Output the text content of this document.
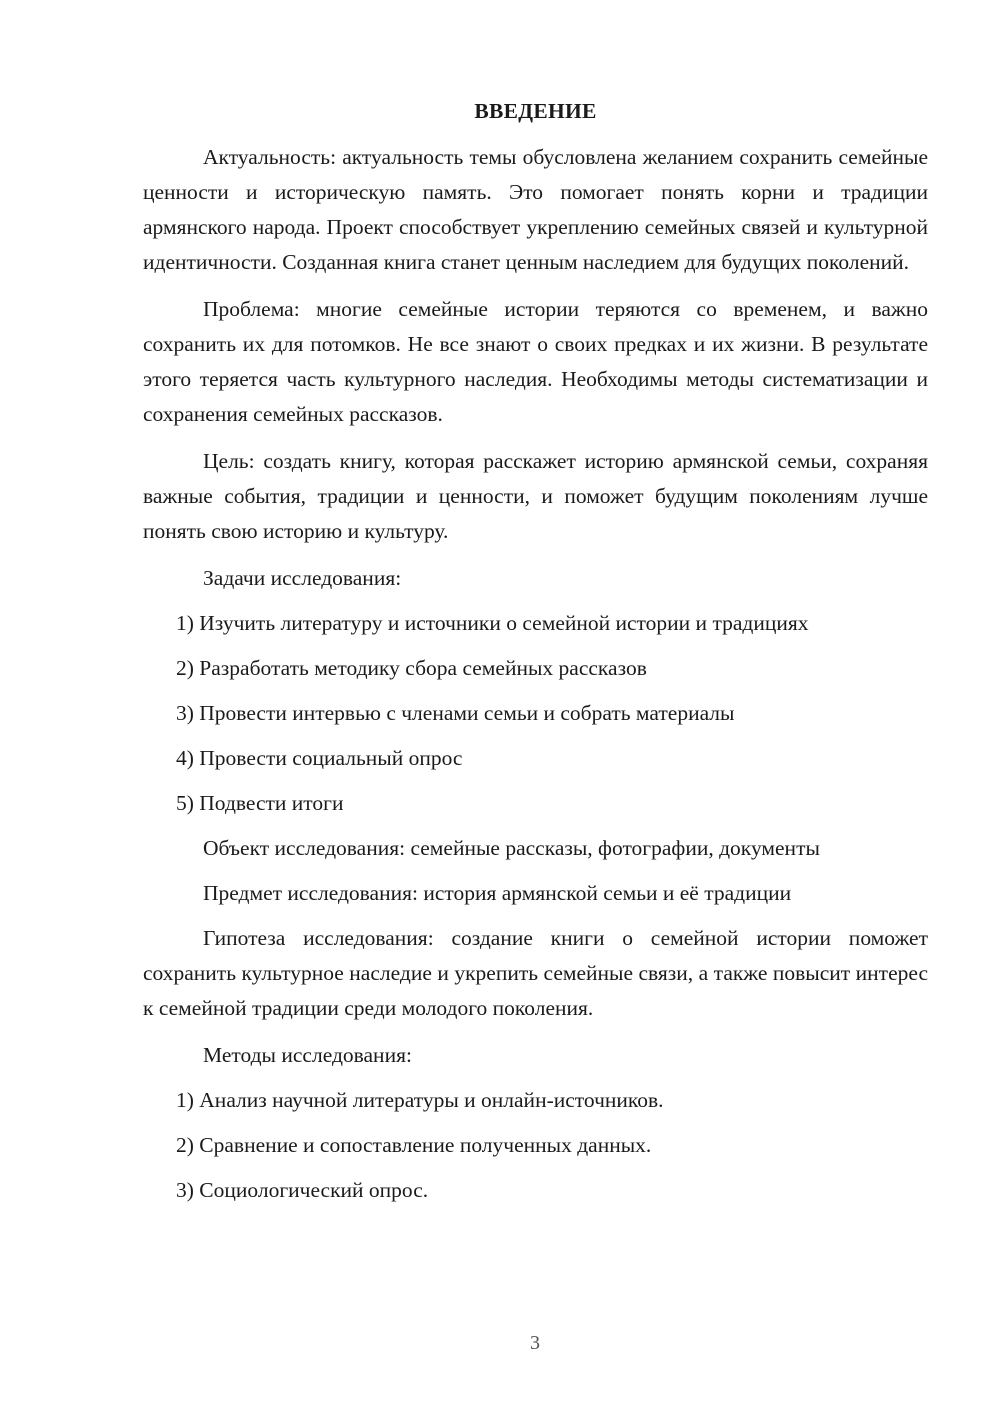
ВВЕДЕНИЕ

Актуальность: актуальность темы обусловлена желанием сохранить семейные ценности и историческую память. Это помогает понять корни и традиции армянского народа. Проект способствует укреплению семейных связей и культурной идентичности. Созданная книга станет ценным наследием для будущих поколений.

Проблема: многие семейные истории теряются со временем, и важно сохранить их для потомков. Не все знают о своих предках и их жизни. В результате этого теряется часть культурного наследия. Необходимы методы систематизации и сохранения семейных рассказов.

Цель: создать книгу, которая расскажет историю армянской семьи, сохраняя важные события, традиции и ценности, и поможет будущим поколениям лучше понять свою историю и культуру.

Задачи исследования:

1) Изучить литературу и источники о семейной истории и традициях
2) Разработать методику сбора семейных рассказов
3) Провести интервью с членами семьи и собрать материалы
4) Провести социальный опрос
5) Подвести итоги

Объект исследования: семейные рассказы, фотографии, документы

Предмет исследования: история армянской семьи и её традиции

Гипотеза исследования: создание книги о семейной истории поможет сохранить культурное наследие и укрепить семейные связи, а также повысит интерес к семейной традиции среди молодого поколения.

Методы исследования:

1) Анализ научной литературы и онлайн-источников.
2) Сравнение и сопоставление полученных данных.
3) Социологический опрос.
3
